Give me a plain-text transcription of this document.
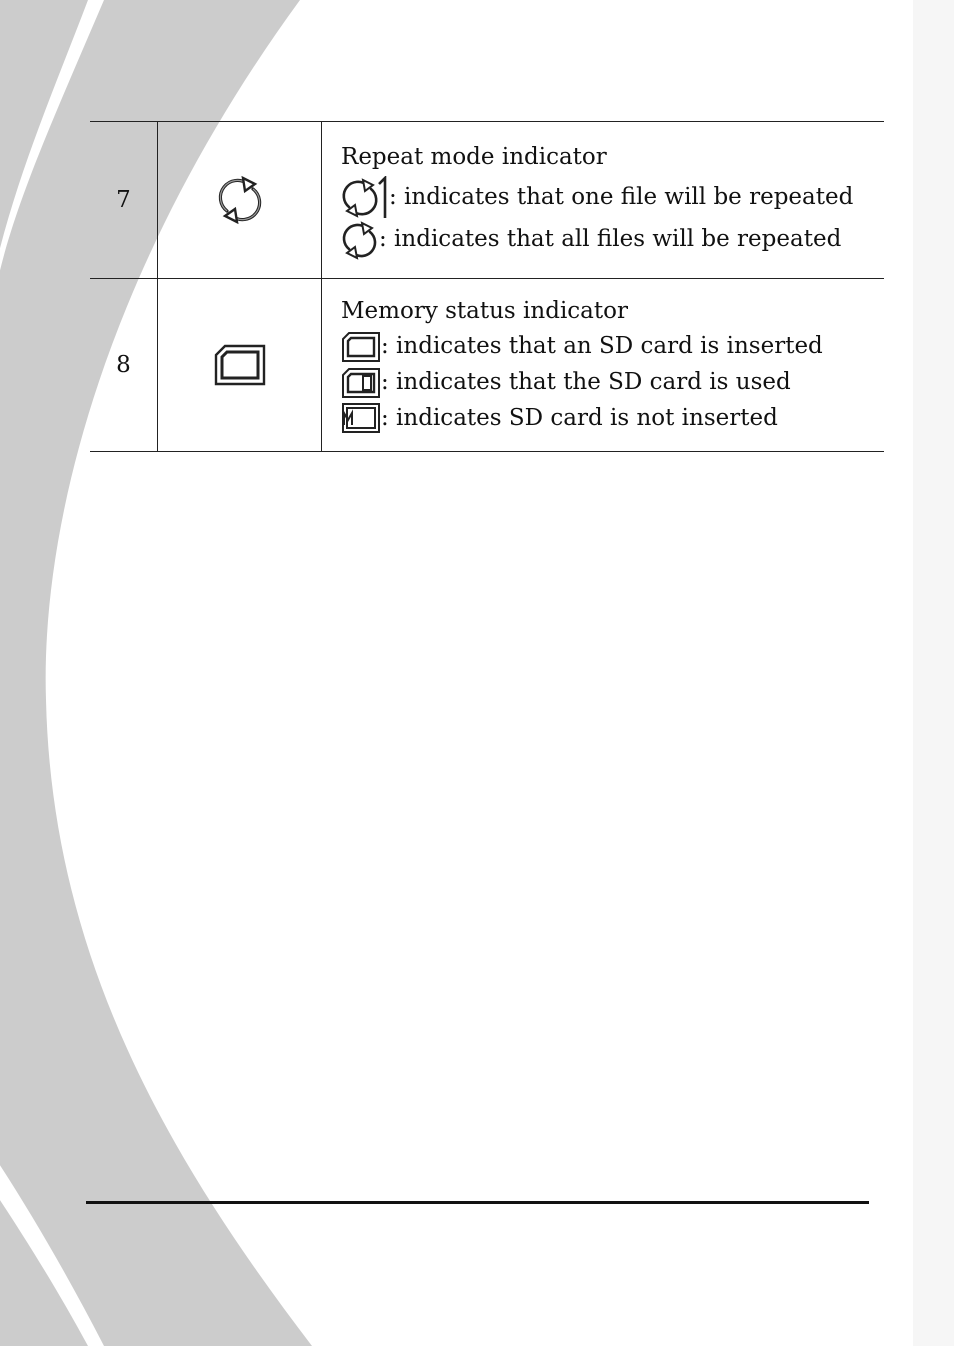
7		Repeat mode indicator
: indicates that one file will be repeated
: indicates that all files will be repeated

8		Memory status indicator
: indicates that an SD card is inserted
: indicates that the SD card is used
: indicates SD card is not inserted
